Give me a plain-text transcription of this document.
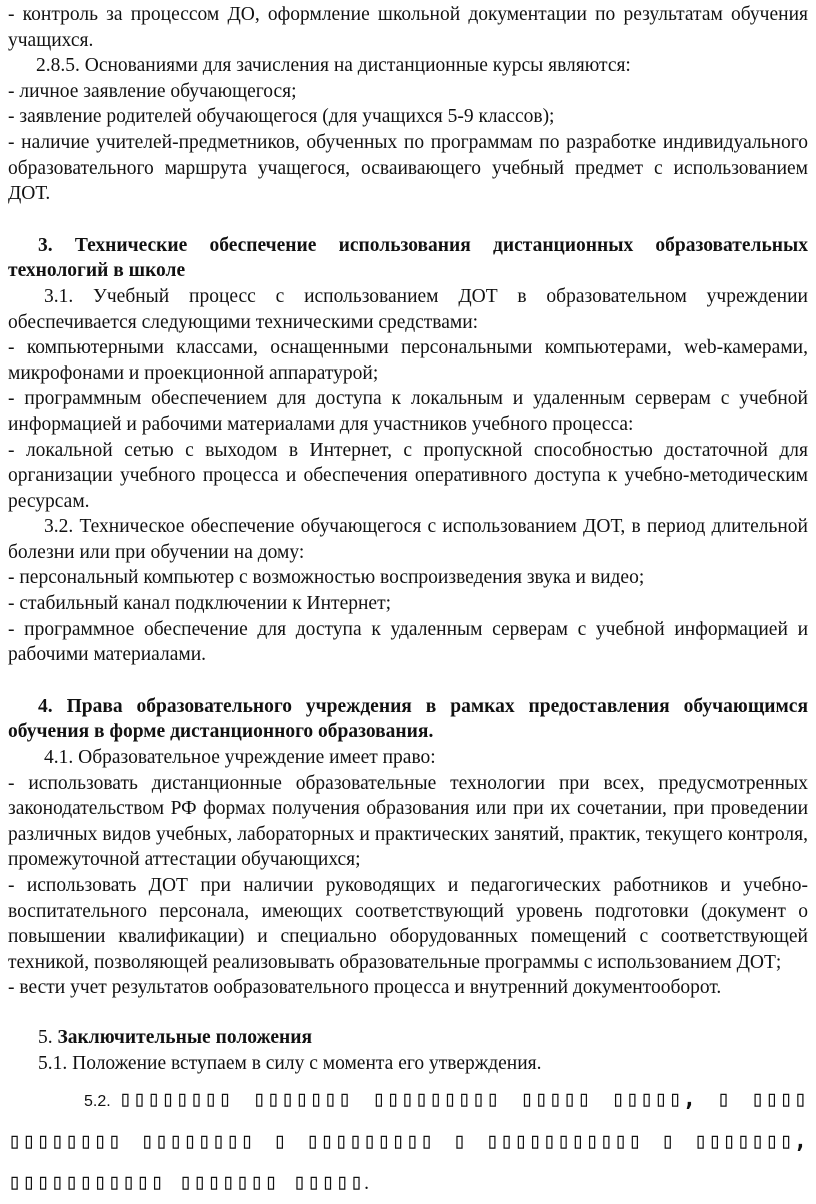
- контроль за процессом ДО, оформление школьной документации по результатам обучения учащихся.

2.8.5. Основаниями для зачисления на дистанционные курсы являются:

- личное заявление обучающегося;

- заявление родителей обучающегося (для учащихся 5-9 классов);

- наличие учителей-предметников, обученных по программам по разработке индивидуального образовательного маршрута учащегося, осваивающего учебный предмет с использованием ДОТ.

3. Технические обеспечение использования дистанционных образовательных технологий в школе

3.1. Учебный процесс с использованием ДОТ в образовательном учреждении обеспечивается следующими техническими средствами:

- компьютерными классами, оснащенными персональными компьютерами, web-камерами, микрофонами и проекционной аппаратурой;

- программным обеспечением для доступа к локальным и удаленным серверам с учебной информацией и рабочими материалами для участников учебного процесса:

- локальной сетью с выходом в Интернет, с пропускной способностью достаточной для организации учебного процесса и обеспечения оперативного доступа к учебно-методическим ресурсам.

3.2. Техническое обеспечение обучающегося с использованием ДОТ, в период длительной болезни или при обучении на дому:

- персональный компьютер с возможностью воспроизведения звука и видео;

- стабильный канал подключении к Интернет;

- программное обеспечение для доступа к удаленным серверам с учебной информацией и рабочими материалами.

4. Права образовательного учреждения в рамках предоставления обучающимся обучения в форме дистанционного образования.

4.1. Образовательное учреждение имеет право:

- использовать дистанционные образовательные технологии при всех, предусмотренных законодательством РФ формах получения образования или при их сочетании, при проведении различных видов учебных, лабораторных и практических занятий, практик, текущего контроля, промежуточной аттестации обучающихся;

- использовать ДОТ при наличии руководящих и педагогических работников и учебно-воспитательного персонала, имеющих соответствующий уровень подготовки (документ о повышении квалификации) и специально оборудованных помещений с соответствующей техникой, позволяющей реализовывать образовательные программы с использованием ДОТ;

- вести учет результатов ообразовательного процесса и внутренний документооборот.

5. Заключительные положения

5.1. Положение вступаем в силу с момента его утверждения.

5.2. ▯▯▯▯▯▯▯▯ ▯▯▯▯▯▯▯ ▯▯▯▯▯▯▯▯▯ ▯▯▯▯▯ ▯▯▯▯▯, ▯ ▯▯▯▯ ▯▯▯▯▯▯▯▯ ▯▯▯▯▯▯▯▯ ▯ ▯▯▯▯▯▯▯▯▯ ▯ ▯▯▯▯▯▯▯▯▯▯▯ ▯ ▯▯▯▯▯▯▯, ▯▯▯▯▯▯▯▯▯▯▯ ▯▯▯▯▯▯▯ ▯▯▯▯▯.
